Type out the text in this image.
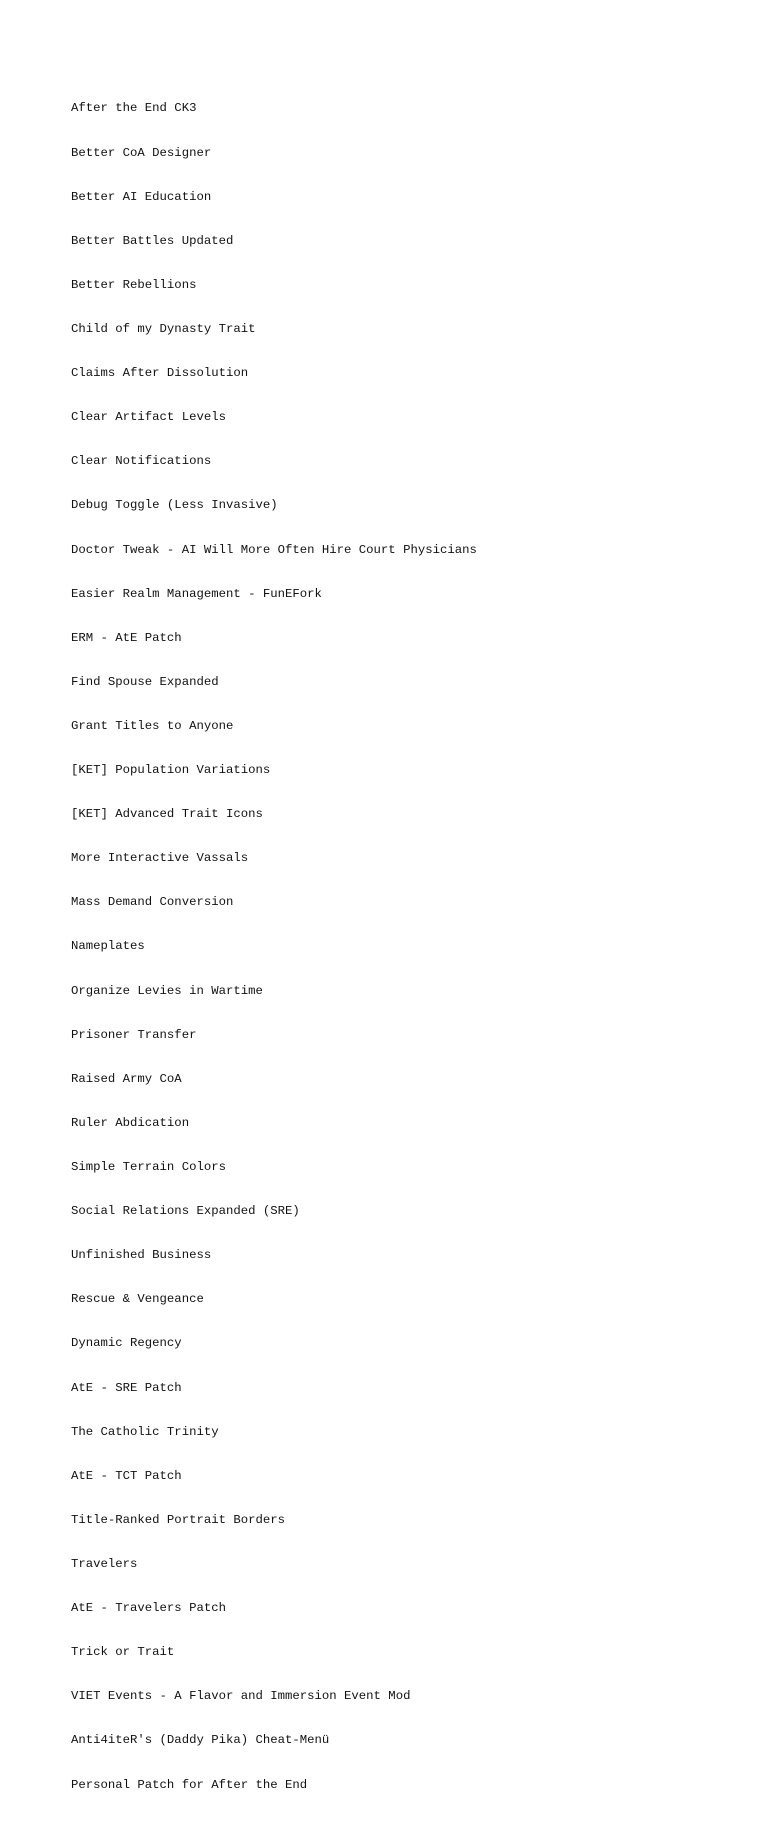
After the End CK3

Better CoA Designer

Better AI Education

Better Battles Updated

Better Rebellions

Child of my Dynasty Trait

Claims After Dissolution

Clear Artifact Levels

Clear Notifications

Debug Toggle (Less Invasive)

Doctor Tweak - AI Will More Often Hire Court Physicians

Easier Realm Management - FunEFork

ERM - AtE Patch

Find Spouse Expanded

Grant Titles to Anyone

[KET] Population Variations

[KET] Advanced Trait Icons

More Interactive Vassals

Mass Demand Conversion

Nameplates

Organize Levies in Wartime

Prisoner Transfer

Raised Army CoA

Ruler Abdication

Simple Terrain Colors

Social Relations Expanded (SRE)

Unfinished Business

Rescue & Vengeance

Dynamic Regency

AtE - SRE Patch

The Catholic Trinity

AtE - TCT Patch

Title-Ranked Portrait Borders

Travelers

AtE - Travelers Patch

Trick or Trait

VIET Events - A Flavor and Immersion Event Mod

Anti4iteR's (Daddy Pika) Cheat-Menü

Personal Patch for After the End
